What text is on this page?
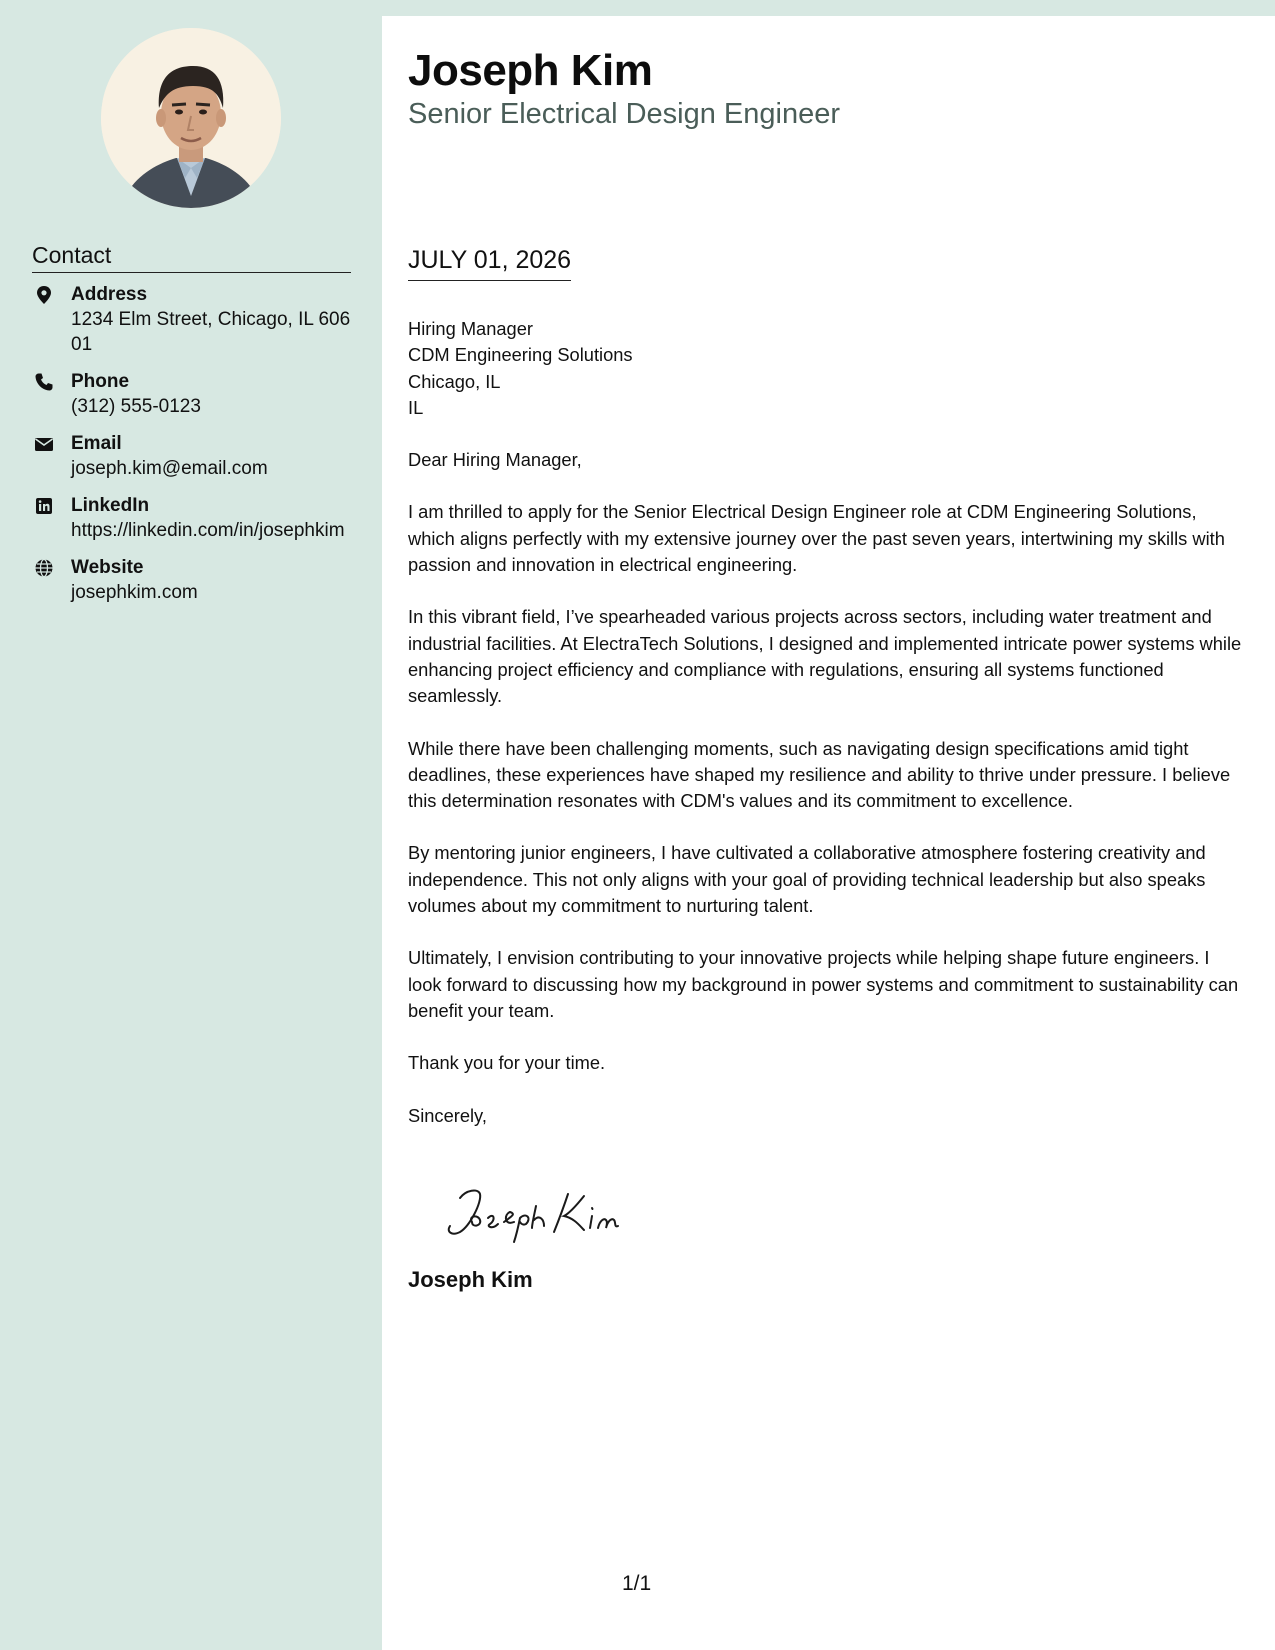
Contact
Address
1234 Elm Street, Chicago, IL 60601
Phone
(312) 555-0123
Email
joseph.kim@email.com
LinkedIn
https://linkedin.com/in/josephkim
Website
josephkim.com
Joseph Kim
Senior Electrical Design Engineer
JULY 01, 2026
Hiring Manager
CDM Engineering Solutions
Chicago, IL
IL

Dear Hiring Manager,

I am thrilled to apply for the Senior Electrical Design Engineer role at CDM Engineering Solutions, which aligns perfectly with my extensive journey over the past seven years, intertwining my skills with passion and innovation in electrical engineering.

In this vibrant field, I’ve spearheaded various projects across sectors, including water treatment and industrial facilities. At ElectraTech Solutions, I designed and implemented intricate power systems while enhancing project efficiency and compliance with regulations, ensuring all systems functioned seamlessly.

While there have been challenging moments, such as navigating design specifications amid tight deadlines, these experiences have shaped my resilience and ability to thrive under pressure. I believe this determination resonates with CDM's values and its commitment to excellence.

By mentoring junior engineers, I have cultivated a collaborative atmosphere fostering creativity and independence. This not only aligns with your goal of providing technical leadership but also speaks volumes about my commitment to nurturing talent.

Ultimately, I envision contributing to your innovative projects while helping shape future engineers. I look forward to discussing how my background in power systems and commitment to sustainability can benefit your team.

Thank you for your time.

Sincerely,

Joseph Kim
1/1
